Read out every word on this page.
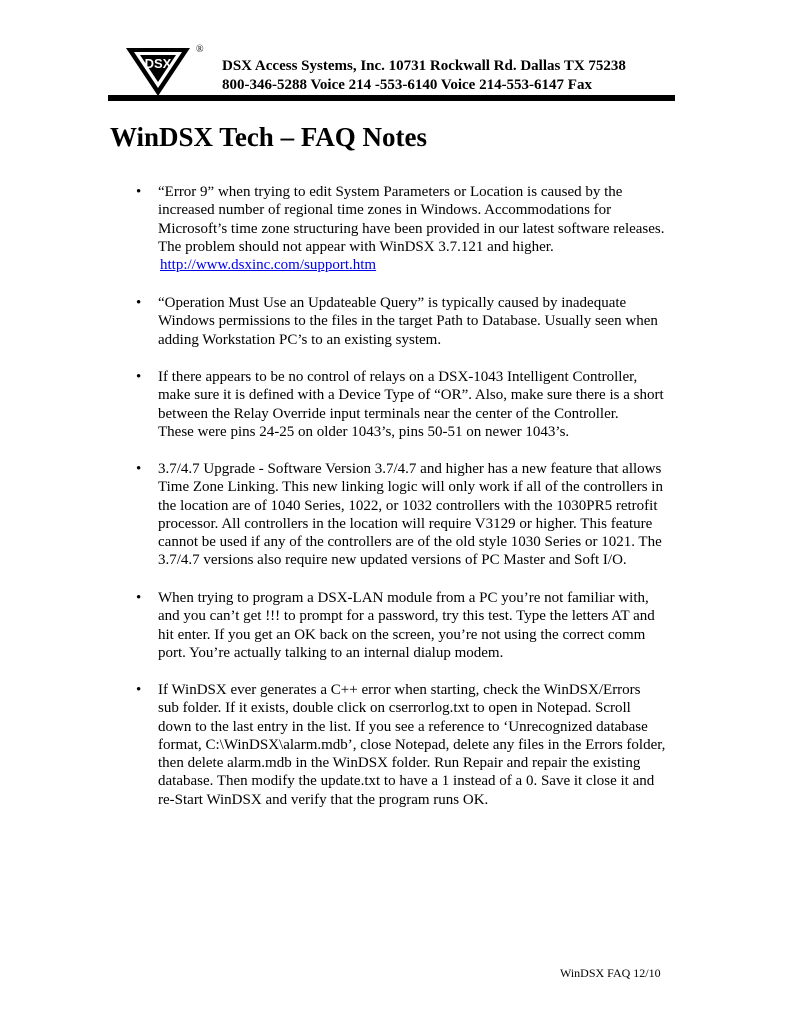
DSX
®
DSX Access Systems, Inc. 10731 Rockwall Rd. Dallas TX 75238
800-346-5288 Voice 214 -553-6140 Voice 214-553-6147 Fax
WinDSX Tech – FAQ Notes
• “Error 9” when trying to edit System Parameters or Location is caused by the
increased number of regional time zones in Windows. Accommodations for
Microsoft’s time zone structuring have been provided in our latest software releases.
The problem should not appear with WinDSX 3.7.121 and higher.
http://www.dsxinc.com/support.htm
• “Operation Must Use an Updateable Query” is typically caused by inadequate
Windows permissions to the files in the target Path to Database. Usually seen when
adding Workstation PC’s to an existing system.
• If there appears to be no control of relays on a DSX-1043 Intelligent Controller,
make sure it is defined with a Device Type of “OR”. Also, make sure there is a short
between the Relay Override input terminals near the center of the Controller.
These were pins 24-25 on older 1043’s, pins 50-51 on newer 1043’s.
• 3.7/4.7 Upgrade - Software Version 3.7/4.7 and higher has a new feature that allows
Time Zone Linking. This new linking logic will only work if all of the controllers in
the location are of 1040 Series, 1022, or 1032 controllers with the 1030PR5 retrofit
processor. All controllers in the location will require V3129 or higher. This feature
cannot be used if any of the controllers are of the old style 1030 Series or 1021. The
3.7/4.7 versions also require new updated versions of PC Master and Soft I/O.
• When trying to program a DSX-LAN module from a PC you’re not familiar with,
and you can’t get !!! to prompt for a password, try this test. Type the letters AT and
hit enter. If you get an OK back on the screen, you’re not using the correct comm
port. You’re actually talking to an internal dialup modem.
• If WinDSX ever generates a C++ error when starting, check the WinDSX/Errors
sub folder. If it exists, double click on cserrorlog.txt to open in Notepad. Scroll
down to the last entry in the list. If you see a reference to ‘Unrecognized database
format, C:\WinDSX\alarm.mdb’, close Notepad, delete any files in the Errors folder,
then delete alarm.mdb in the WinDSX folder. Run Repair and repair the existing
database. Then modify the update.txt to have a 1 instead of a 0. Save it close it and
re-Start WinDSX and verify that the program runs OK.
WinDSX FAQ 12/10
